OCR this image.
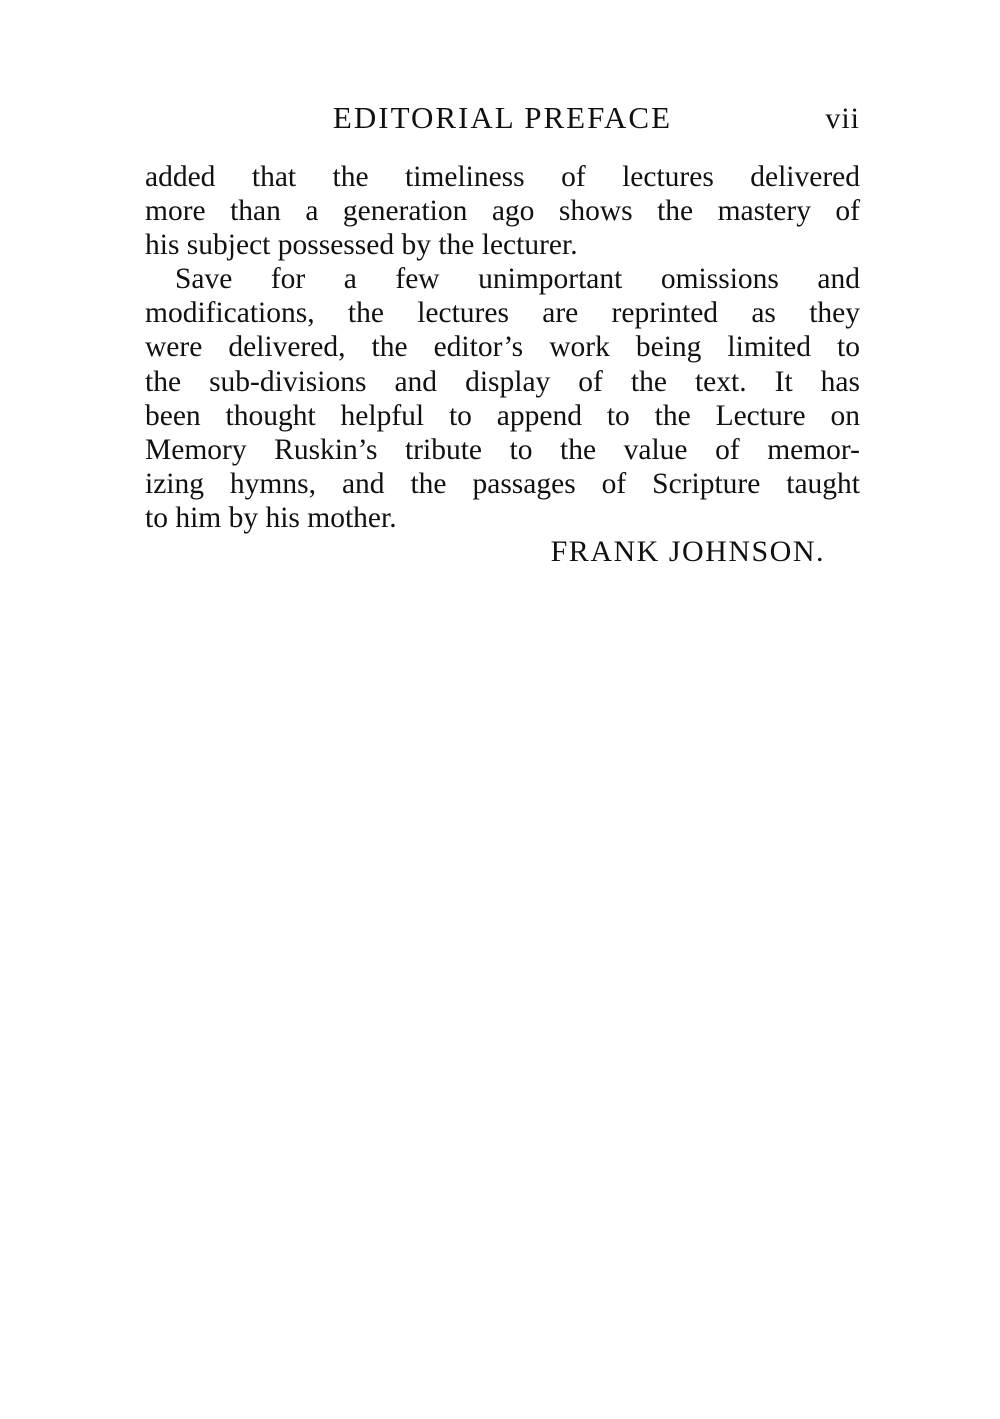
EDITORIAL PREFACE	vii
added that the timeliness of lectures delivered
more than a generation ago shows the mastery of
his subject possessed by the lecturer.
Save for a few unimportant omissions and
modifications, the lectures are reprinted as they
were delivered, the editor’s work being limited to
the sub-divisions and display of the text. It has
been thought helpful to append to the Lecture on
Memory Ruskin’s tribute to the value of memor-
izing hymns, and the passages of Scripture taught
to him by his mother.
FRANK JOHNSON.
